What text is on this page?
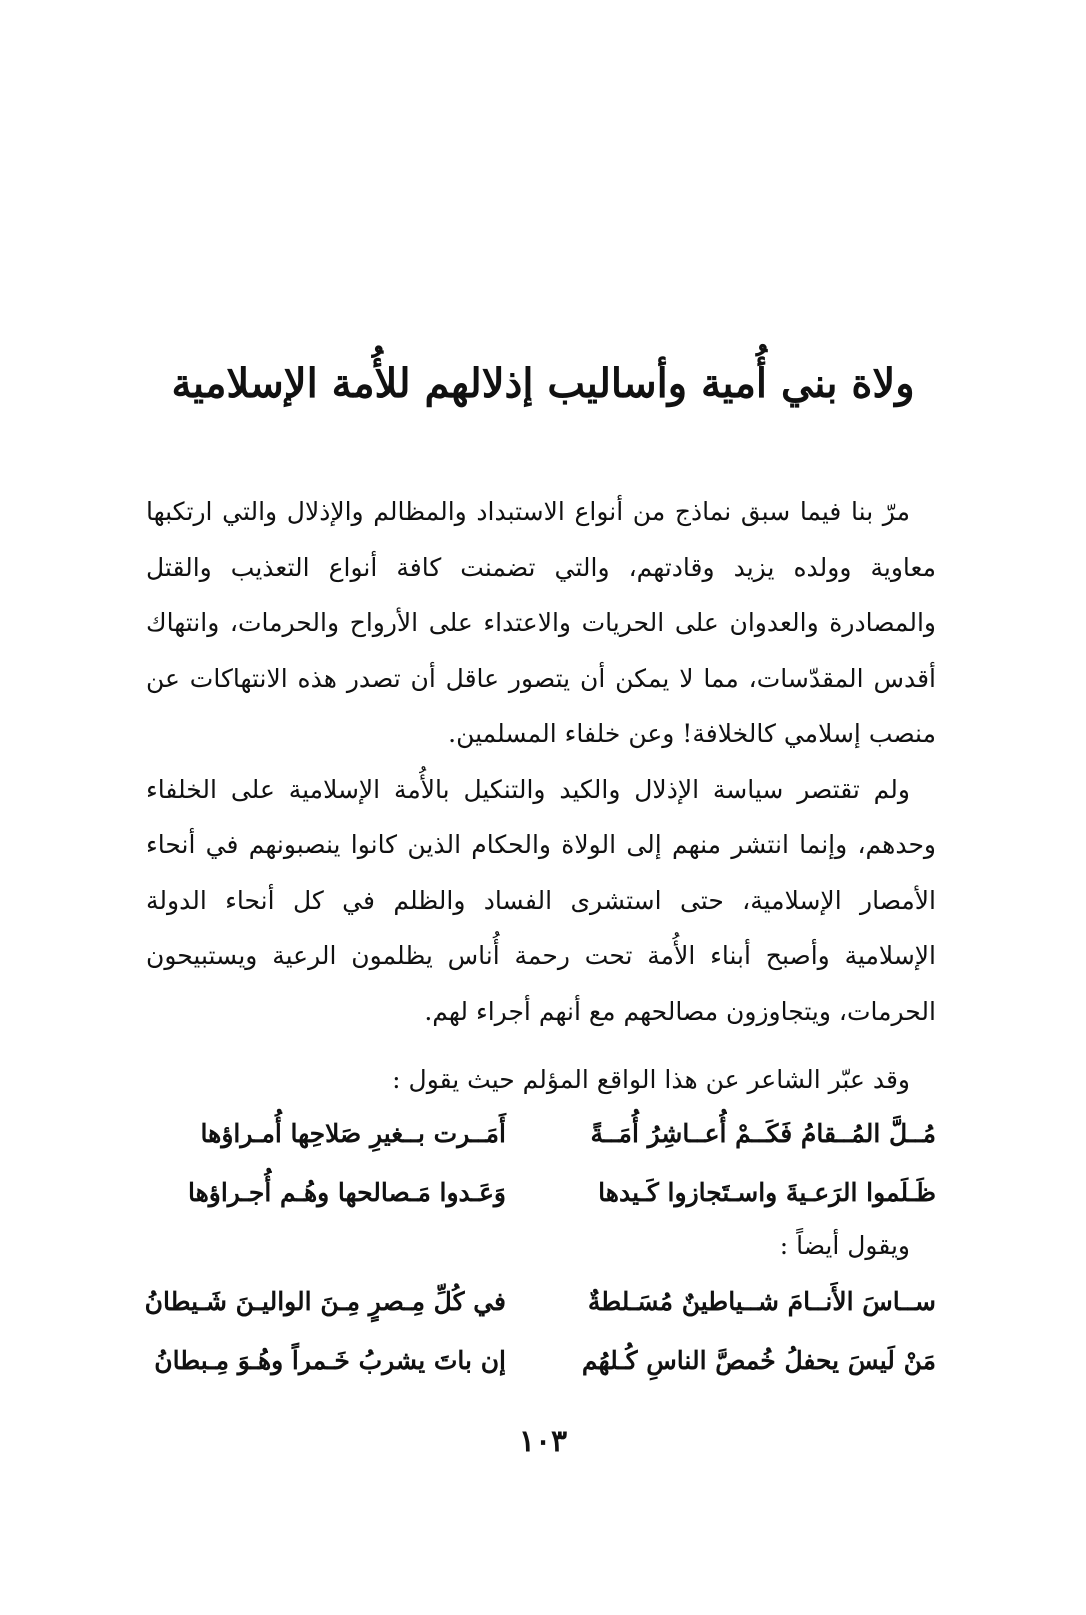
ولاة بني أُمية وأساليب إذلالهم للأُمة الإسلامية

مرّ بنا فيما سبق نماذج من أنواع الاستبداد والمظالم والإذلال والتي ارتكبها معاوية وولده يزيد وقادتهم، والتي تضمنت كافة أنواع التعذيب والقتل والمصادرة والعدوان على الحريات والاعتداء على الأرواح والحرمات، وانتهاك أقدس المقدّسات، مما لا يمكن أن يتصور عاقل أن تصدر هذه الانتهاكات عن منصب إسلامي كالخلافة! وعن خلفاء المسلمين.

ولم تقتصر سياسة الإذلال والكيد والتنكيل بالأُمة الإسلامية على الخلفاء وحدهم، وإنما انتشر منهم إلى الولاة والحكام الذين كانوا ينصبونهم في أنحاء الأمصار الإسلامية، حتى استشرى الفساد والظلم في كل أنحاء الدولة الإسلامية وأصبح أبناء الأُمة تحت رحمة أُناس يظلمون الرعية ويستبيحون الحرمات، ويتجاوزون مصالحهم مع أنهم أجراء لهم.

وقد عبّر الشاعر عن هذا الواقع المؤلم حيث يقول :
مُــلَّ المُــقامُ فَكَــمْ أُعــاشِرُ أُمَــةً
أَمَــرت بــغيرِ صَلاحِها أُمـراؤها
ظَـلَموا الرَعـيةَ واسـتَجازوا كَـيدها
وَعَـدوا مَـصالحها وهُـم أُجـراؤها
ويقول أيضاً :
ســاسَ الأَنــامَ شــياطينٌ مُسَـلطةٌ
في كُلِّ مِـصرٍ مِـنَ الواليـنَ شَـيطانُ
مَنْ لَيسَ يحفلُ خُمصَّ الناسِ كُـلهُم
إن باتَ يشربُ خَـمراً وهُـوَ مِـبطانُ
١٠٣
